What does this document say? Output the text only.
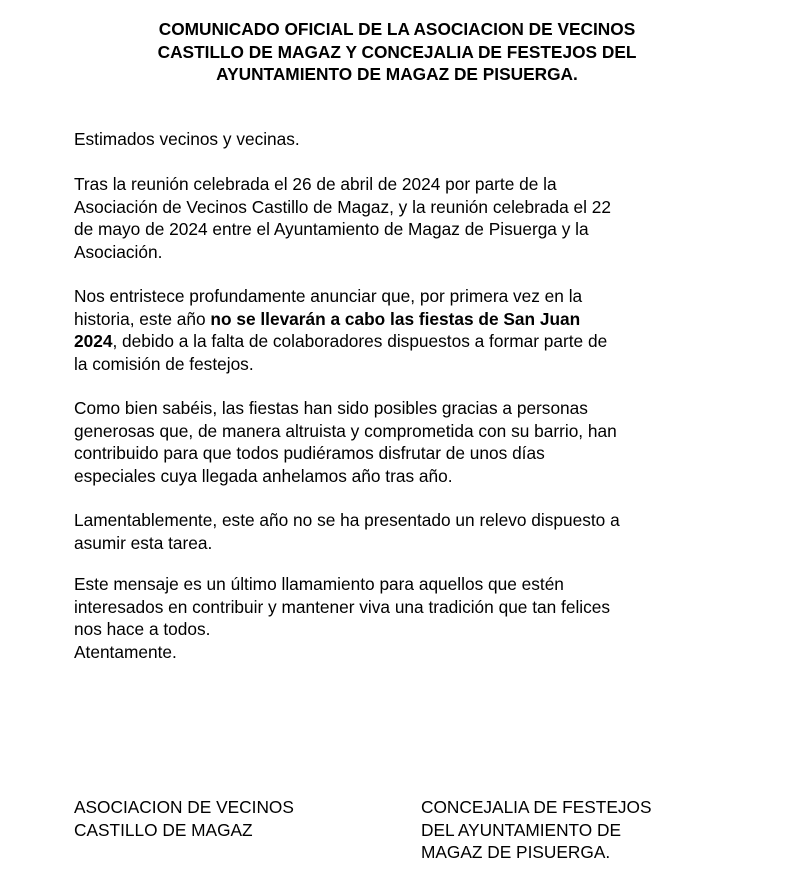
COMUNICADO OFICIAL DE LA ASOCIACION DE VECINOS
CASTILLO DE MAGAZ Y CONCEJALIA DE FESTEJOS DEL
AYUNTAMIENTO DE MAGAZ DE PISUERGA.
Estimados vecinos y vecinas.
Tras la reunión celebrada el 26 de abril de 2024 por parte de la
Asociación de Vecinos Castillo de Magaz, y la reunión celebrada el 22
de mayo de 2024 entre el Ayuntamiento de Magaz de Pisuerga y la
Asociación.
Nos entristece profundamente anunciar que, por primera vez en la
historia, este año no se llevarán a cabo las fiestas de San Juan
2024, debido a la falta de colaboradores dispuestos a formar parte de
la comisión de festejos.
Como bien sabéis, las fiestas han sido posibles gracias a personas
generosas que, de manera altruista y comprometida con su barrio, han
contribuido para que todos pudiéramos disfrutar de unos días
especiales cuya llegada anhelamos año tras año.
Lamentablemente, este año no se ha presentado un relevo dispuesto a
asumir esta tarea.
Este mensaje es un último llamamiento para aquellos que estén
interesados en contribuir y mantener viva una tradición que tan felices
nos hace a todos.
Atentamente.
ASOCIACION DE VECINOS
CASTILLO DE MAGAZ
CONCEJALIA DE FESTEJOS
DEL AYUNTAMIENTO DE
MAGAZ DE PISUERGA.
